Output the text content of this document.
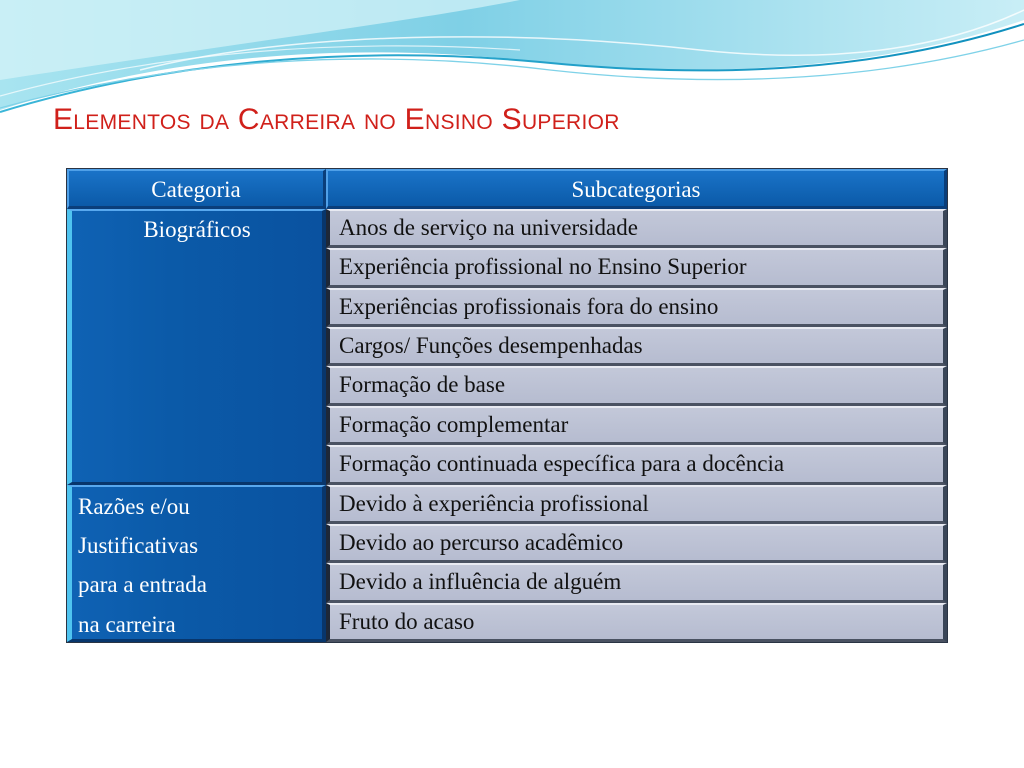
Elementos da Carreira no Ensino Superior
Categoria	Subcategorias
Biográficos	Anos de serviço na universidade
Experiência profissional no Ensino Superior
Experiências profissionais fora do ensino
Cargos/ Funções desempenhadas
Formação de base
Formação complementar
Formação continuada específica para a docência
Razões e/ou
Justificativas
para a entrada
na carreira
Devido à experiência profissional
Devido ao percurso acadêmico
Devido a influência de alguém
Fruto do acaso
